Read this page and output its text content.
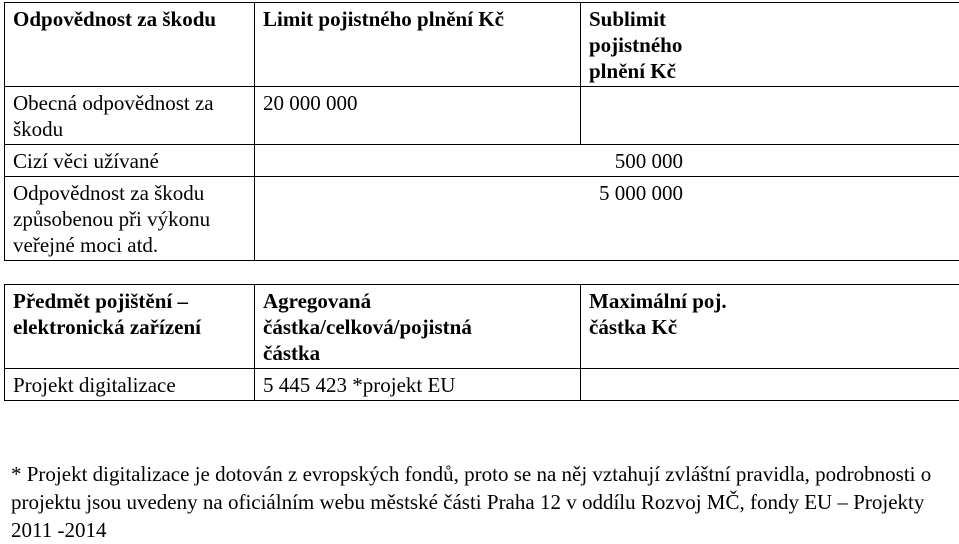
Odpovědnost za škodu	Limit pojistného plnění Kč	Sublimit pojistného plnění Kč

Obecná odpovědnost za škodu	20 000 000	
Cizí věci užívané	500 000	

Odpovědnost za škodu způsobenou při výkonu veřejné moci atd.	5 000 000	
Předmět pojištění – elektronická zařízení	Agregovaná částka/celková/pojistná částka	Maximální poj. částka Kč

Projekt digitalizace	5 445 423 *projekt EU	
* Projekt digitalizace je dotován z evropských fondů, proto se na něj vztahují zvláštní pravidla, podrobnosti o projektu jsou uvedeny na oficiálním webu městské části Praha 12 v oddílu Rozvoj MČ, fondy EU – Projekty 2011 -2014
